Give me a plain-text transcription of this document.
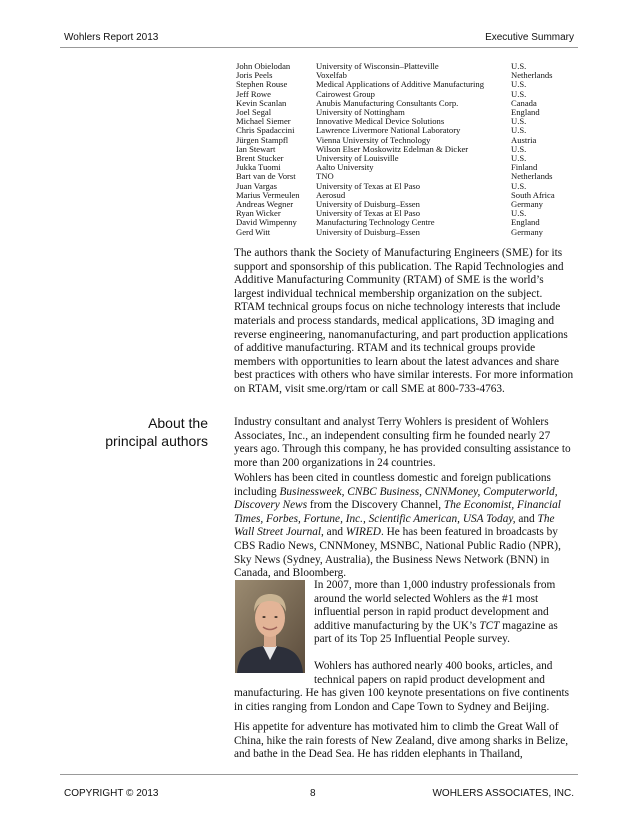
Wohlers Report 2013	Executive Summary
John Obielodan	University of Wisconsin–Platteville	U.S.
Joris Peels	Voxelfab	Netherlands
Stephen Rouse	Medical Applications of Additive Manufacturing	U.S.
Jeff Rowe	Cairowest Group	U.S.
Kevin Scanlan	Anubis Manufacturing Consultants Corp.	Canada
Joel Segal	University of Nottingham	England
Michael Siemer	Innovative Medical Device Solutions	U.S.
Chris Spadaccini	Lawrence Livermore National Laboratory	U.S.
Jürgen Stampfl	Vienna University of Technology	Austria
Ian Stewart	Wilson Elser Moskowitz Edelman & Dicker	U.S.
Brent Stucker	University of Louisville	U.S.
Jukka Tuomi	Aalto University	Finland
Bart van de Vorst	TNO	Netherlands
Juan Vargas	University of Texas at El Paso	U.S.
Marius Vermeulen	Aerosud	South Africa
Andreas Wegner	University of Duisburg–Essen	Germany
Ryan Wicker	University of Texas at El Paso	U.S.
David Wimpenny	Manufacturing Technology Centre	England
Gerd Witt	University of Duisburg–Essen	Germany
The authors thank the Society of Manufacturing Engineers (SME) for its support and sponsorship of this publication. The Rapid Technologies and Additive Manufacturing Community (RTAM) of SME is the world’s largest individual technical membership organization on the subject. RTAM technical groups focus on niche technology interests that include materials and process standards, medical applications, 3D imaging and reverse engineering, nanomanufacturing, and part production applications of additive manufacturing. RTAM and its technical groups provide members with opportunities to learn about the latest advances and share best practices with others who have similar interests. For more information on RTAM, visit sme.org/rtam or call SME at 800-733-4763.
About the
principal authors
Industry consultant and analyst Terry Wohlers is president of Wohlers Associates, Inc., an independent consulting firm he founded nearly 27 years ago. Through this company, he has provided consulting assistance to more than 200 organizations in 24 countries.
Wohlers has been cited in countless domestic and foreign publications including Businessweek, CNBC Business, CNNMoney, Computerworld, Discovery News from the Discovery Channel, The Economist, Financial Times, Forbes, Fortune, Inc., Scientific American, USA Today, and The Wall Street Journal, and WIRED. He has been featured in broadcasts by CBS Radio News, CNNMoney, MSNBC, National Public Radio (NPR), Sky News (Sydney, Australia), the Business News Network (BNN) in Canada, and Bloomberg.

In 2007, more than 1,000 industry professionals from

around the world selected Wohlers as the #1 most

influential person in rapid product development and

additive manufacturing by the UK’s TCT magazine as

part of its Top 25 Influential People survey.

Wohlers has authored nearly 400 books, articles, and

technical papers on rapid product development and

manufacturing. He has given 100 keynote presentations on five continents in cities ranging from London and Cape Town to Sydney and Beijing.

His appetite for adventure has motivated him to climb the Great Wall of China, hike the rain forests of New Zealand, dive among sharks in Belize, and bathe in the Dead Sea. He has ridden elephants in Thailand,
COPYRIGHT © 2013	8	WOHLERS ASSOCIATES, INC.
